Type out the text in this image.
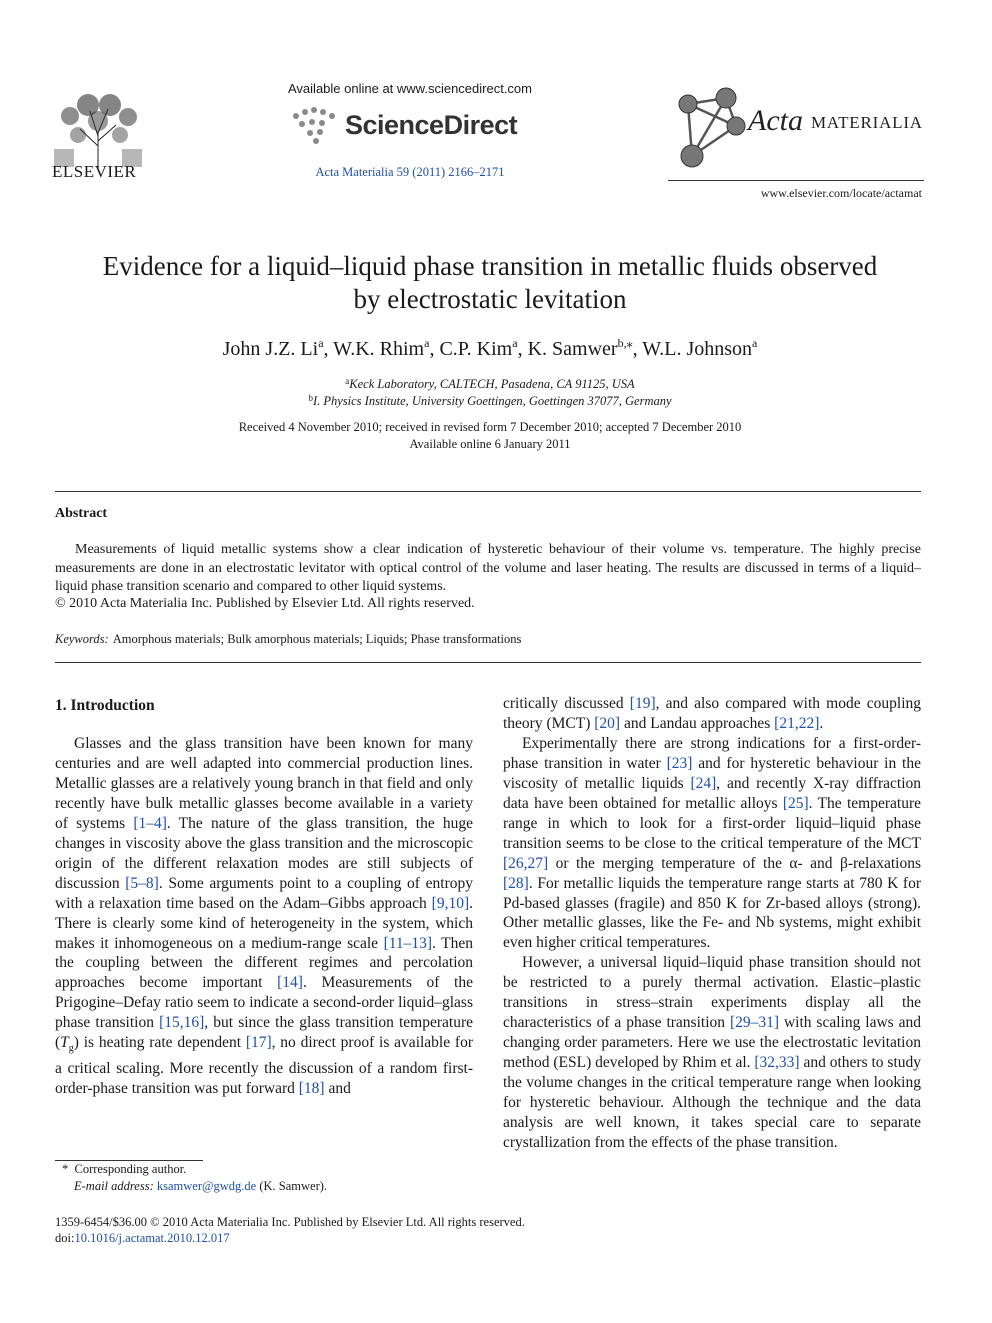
ELSEVIER
Available online at www.sciencedirect.com
ScienceDirect
Acta Materialia 59 (2011) 2166–2171
Acta MATERIALIA
www.elsevier.com/locate/actamat
Evidence for a liquid–liquid phase transition in metallic fluids observed by electrostatic levitation
John J.Z. Li$^a$, W.K. Rhim$^a$, C.P. Kim$^a$, K. Samwer$^{b,⁎}$, W.L. Johnson$^a$
$^a$Keck Laboratory, CALTECH, Pasadena, CA 91125, USA
$^b$I. Physics Institute, University Goettingen, Goettingen 37077, Germany
Received 4 November 2010; received in revised form 7 December 2010; accepted 7 December 2010
Available online 6 January 2011
Abstract
Measurements of liquid metallic systems show a clear indication of hysteretic behaviour of their volume vs. temperature. The highly precise measurements are done in an electrostatic levitator with optical control of the volume and laser heating. The results are discussed in terms of a liquid–liquid phase transition scenario and compared to other liquid systems.
© 2010 Acta Materialia Inc. Published by Elsevier Ltd. All rights reserved.
Keywords: Amorphous materials; Bulk amorphous materials; Liquids; Phase transformations
1. Introduction

Glasses and the glass transition have been known for many centuries and are well adapted into commercial production lines. Metallic glasses are a relatively young branch in that field and only recently have bulk metallic glasses become available in a variety of systems [1–4]. The nature of the glass transition, the huge changes in viscosity above the glass transition and the microscopic origin of the different relaxation modes are still subjects of discussion [5–8]. Some arguments point to a coupling of entropy with a relaxation time based on the Adam–Gibbs approach [9,10]. There is clearly some kind of heterogeneity in the system, which makes it inhomogeneous on a medium-range scale [11–13]. Then the coupling between the different regimes and percolation approaches become important [14]. Measurements of the Prigogine–Defay ratio seem to indicate a second-order liquid–glass phase transition [15,16], but since the glass transition temperature $(T_g)$ is heating rate dependent [17], no direct proof is available for a critical scaling. More recently the discussion of a random first-order-phase transition was put forward [18] and

critically discussed [19], and also compared with mode coupling theory (MCT) [20] and Landau approaches [21,22].

Experimentally there are strong indications for a first-order-phase transition in water [23] and for hysteretic behaviour in the viscosity of metallic liquids [24], and recently X-ray diffraction data have been obtained for metallic alloys [25]. The temperature range in which to look for a first-order liquid–liquid phase transition seems to be close to the critical temperature of the MCT [26,27] or the merging temperature of the α- and β-relaxations [28]. For metallic liquids the temperature range starts at 780 K for Pd-based glasses (fragile) and 850 K for Zr-based alloys (strong). Other metallic glasses, like the Fe- and Nb systems, might exhibit even higher critical temperatures.

However, a universal liquid–liquid phase transition should not be restricted to a purely thermal activation. Elastic–plastic transitions in stress–strain experiments display all the characteristics of a phase transition [29–31] with scaling laws and changing order parameters. Here we use the electrostatic levitation method (ESL) developed by Rhim et al. [32,33] and others to study the volume changes in the critical temperature range when looking for hysteretic behaviour. Although the technique and the data analysis are well known, it takes special care to separate crystallization from the effects of the phase transition.

*  Corresponding author.
E-mail address: ksamwer@gwdg.de (K. Samwer).
1359-6454/$36.00 © 2010 Acta Materialia Inc. Published by Elsevier Ltd. All rights reserved.
doi:10.1016/j.actamat.2010.12.017
